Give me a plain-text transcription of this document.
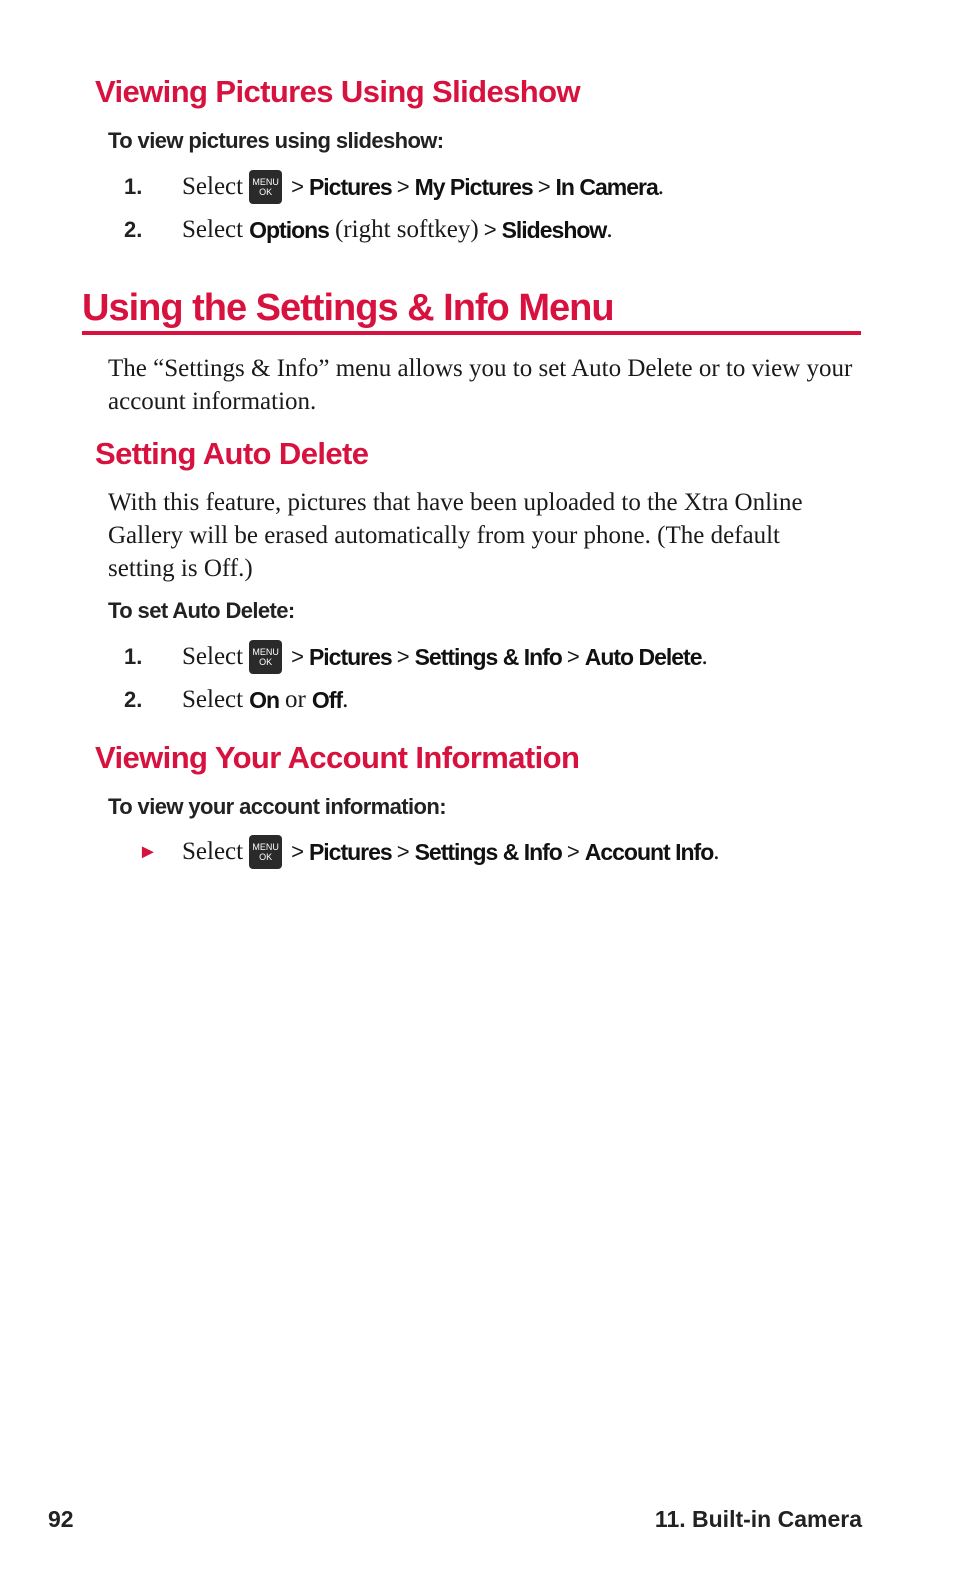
Viewing Pictures Using Slideshow
To view pictures using slideshow:
1.	Select MENU
OK > Pictures > My Pictures > In Camera .
2.	Select Options (right softkey) > Slideshow .
Using the Settings & Info Menu
The “Settings & Info” menu allows you to set Auto Delete or to view your account information.
Setting Auto Delete
With this feature, pictures that have been uploaded to the Xtra Online Gallery will be erased automatically from your phone. (The default setting is Off.)
To set Auto Delete:
1.	Select MENU
OK > Pictures > Settings & Info > Auto Delete .
2.	Select On or Off .
Viewing Your Account Information
To view your account information:
► Select MENU
OK > Pictures > Settings & Info > Account Info .
92	11. Built-in Camera
